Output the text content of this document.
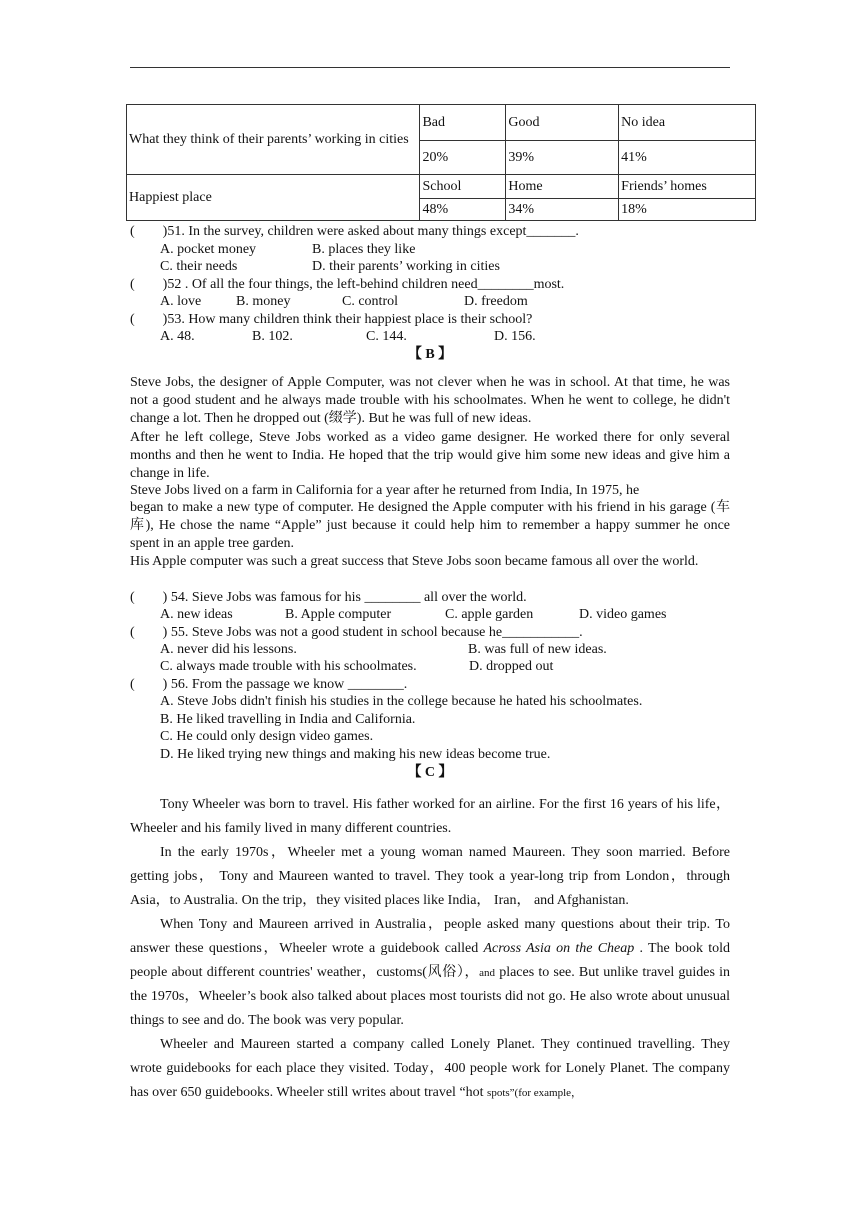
What they think of their parents’ working in cities	Bad	Good	No idea
	20%	39%	41%
Happiest place	School	Home	Friends’ homes
	48%	34%	18%
(        )51. In the survey, children were asked about many things except_______.
A. pocket money	B. places they like
C. their needs	D. their parents’ working in cities
(        )52 . Of all the four things, the left-behind children need________most.
A. love B. money	C. control	D. freedom
(        )53. How many children think their happiest place is their school?
A. 48.	B. 102.	C. 144.	D. 156.
【 B 】
Steve Jobs, the designer of Apple Computer, was not clever when he was in school. At that time, he was not a good student and he always made trouble with his schoolmates. When he went to college, he didn't change a lot. Then he dropped out (缀学). But he was full of new ideas.
After he left college, Steve Jobs worked as a video game designer. He worked there for only several months and then he went to India. He hoped that the trip would give him some new ideas and give him a change in life.
Steve Jobs lived on a farm in California for a year after he returned from India, In 1975, he
began to make a new type of computer. He designed the Apple computer with his friend in his garage (车库), He chose the name “Apple” just because it could help him to remember a happy summer he once spent in an apple tree garden.
His Apple computer was such a great success that Steve Jobs soon became famous all over the world.
(        ) 54. Sieve Jobs was famous for his ________ all over the world.
A. new ideas	B. Apple computer	C. apple garden	D. video games
(        ) 55. Steve Jobs was not a good student in school because he___________.
A. never did his lessons.	B. was full of new ideas.
C. always made trouble with his schoolmates.	D. dropped out
(        ) 56. From the passage we know ________.
A. Steve Jobs didn't finish his studies in the college because he hated his schoolmates.
B. He liked travelling in India and California.
C. He could only design video games.
D. He liked trying new things and making his new ideas become true.
【 C 】

Tony Wheeler was born to travel. His father worked for an airline. For the first 16 years of his life，Wheeler and his family lived in many different countries.

In the early 1970s，Wheeler met a young woman named Maureen. They soon married. Before getting jobs， Tony and Maureen wanted to travel. They took a year-long trip from London，through Asia，to Australia. On the trip，they visited places like India， Iran， and Afghanistan.

When Tony and Maureen arrived in Australia，people asked many questions about their trip. To answer these questions，Wheeler wrote a guidebook called Across Asia on the Cheap . The book told people about different countries' weather，customs(风俗），and places to see. But unlike travel guides in the 1970s，Wheeler’s book also talked about places most tourists did not go. He also wrote about unusual things to see and do. The book was very popular.

Wheeler and Maureen started a company called Lonely Planet. They continued travelling. They wrote guidebooks for each place they visited. Today，400 people work for Lonely Planet. The company has over 650 guidebooks. Wheeler still writes about travel “hot spots”(for example，
